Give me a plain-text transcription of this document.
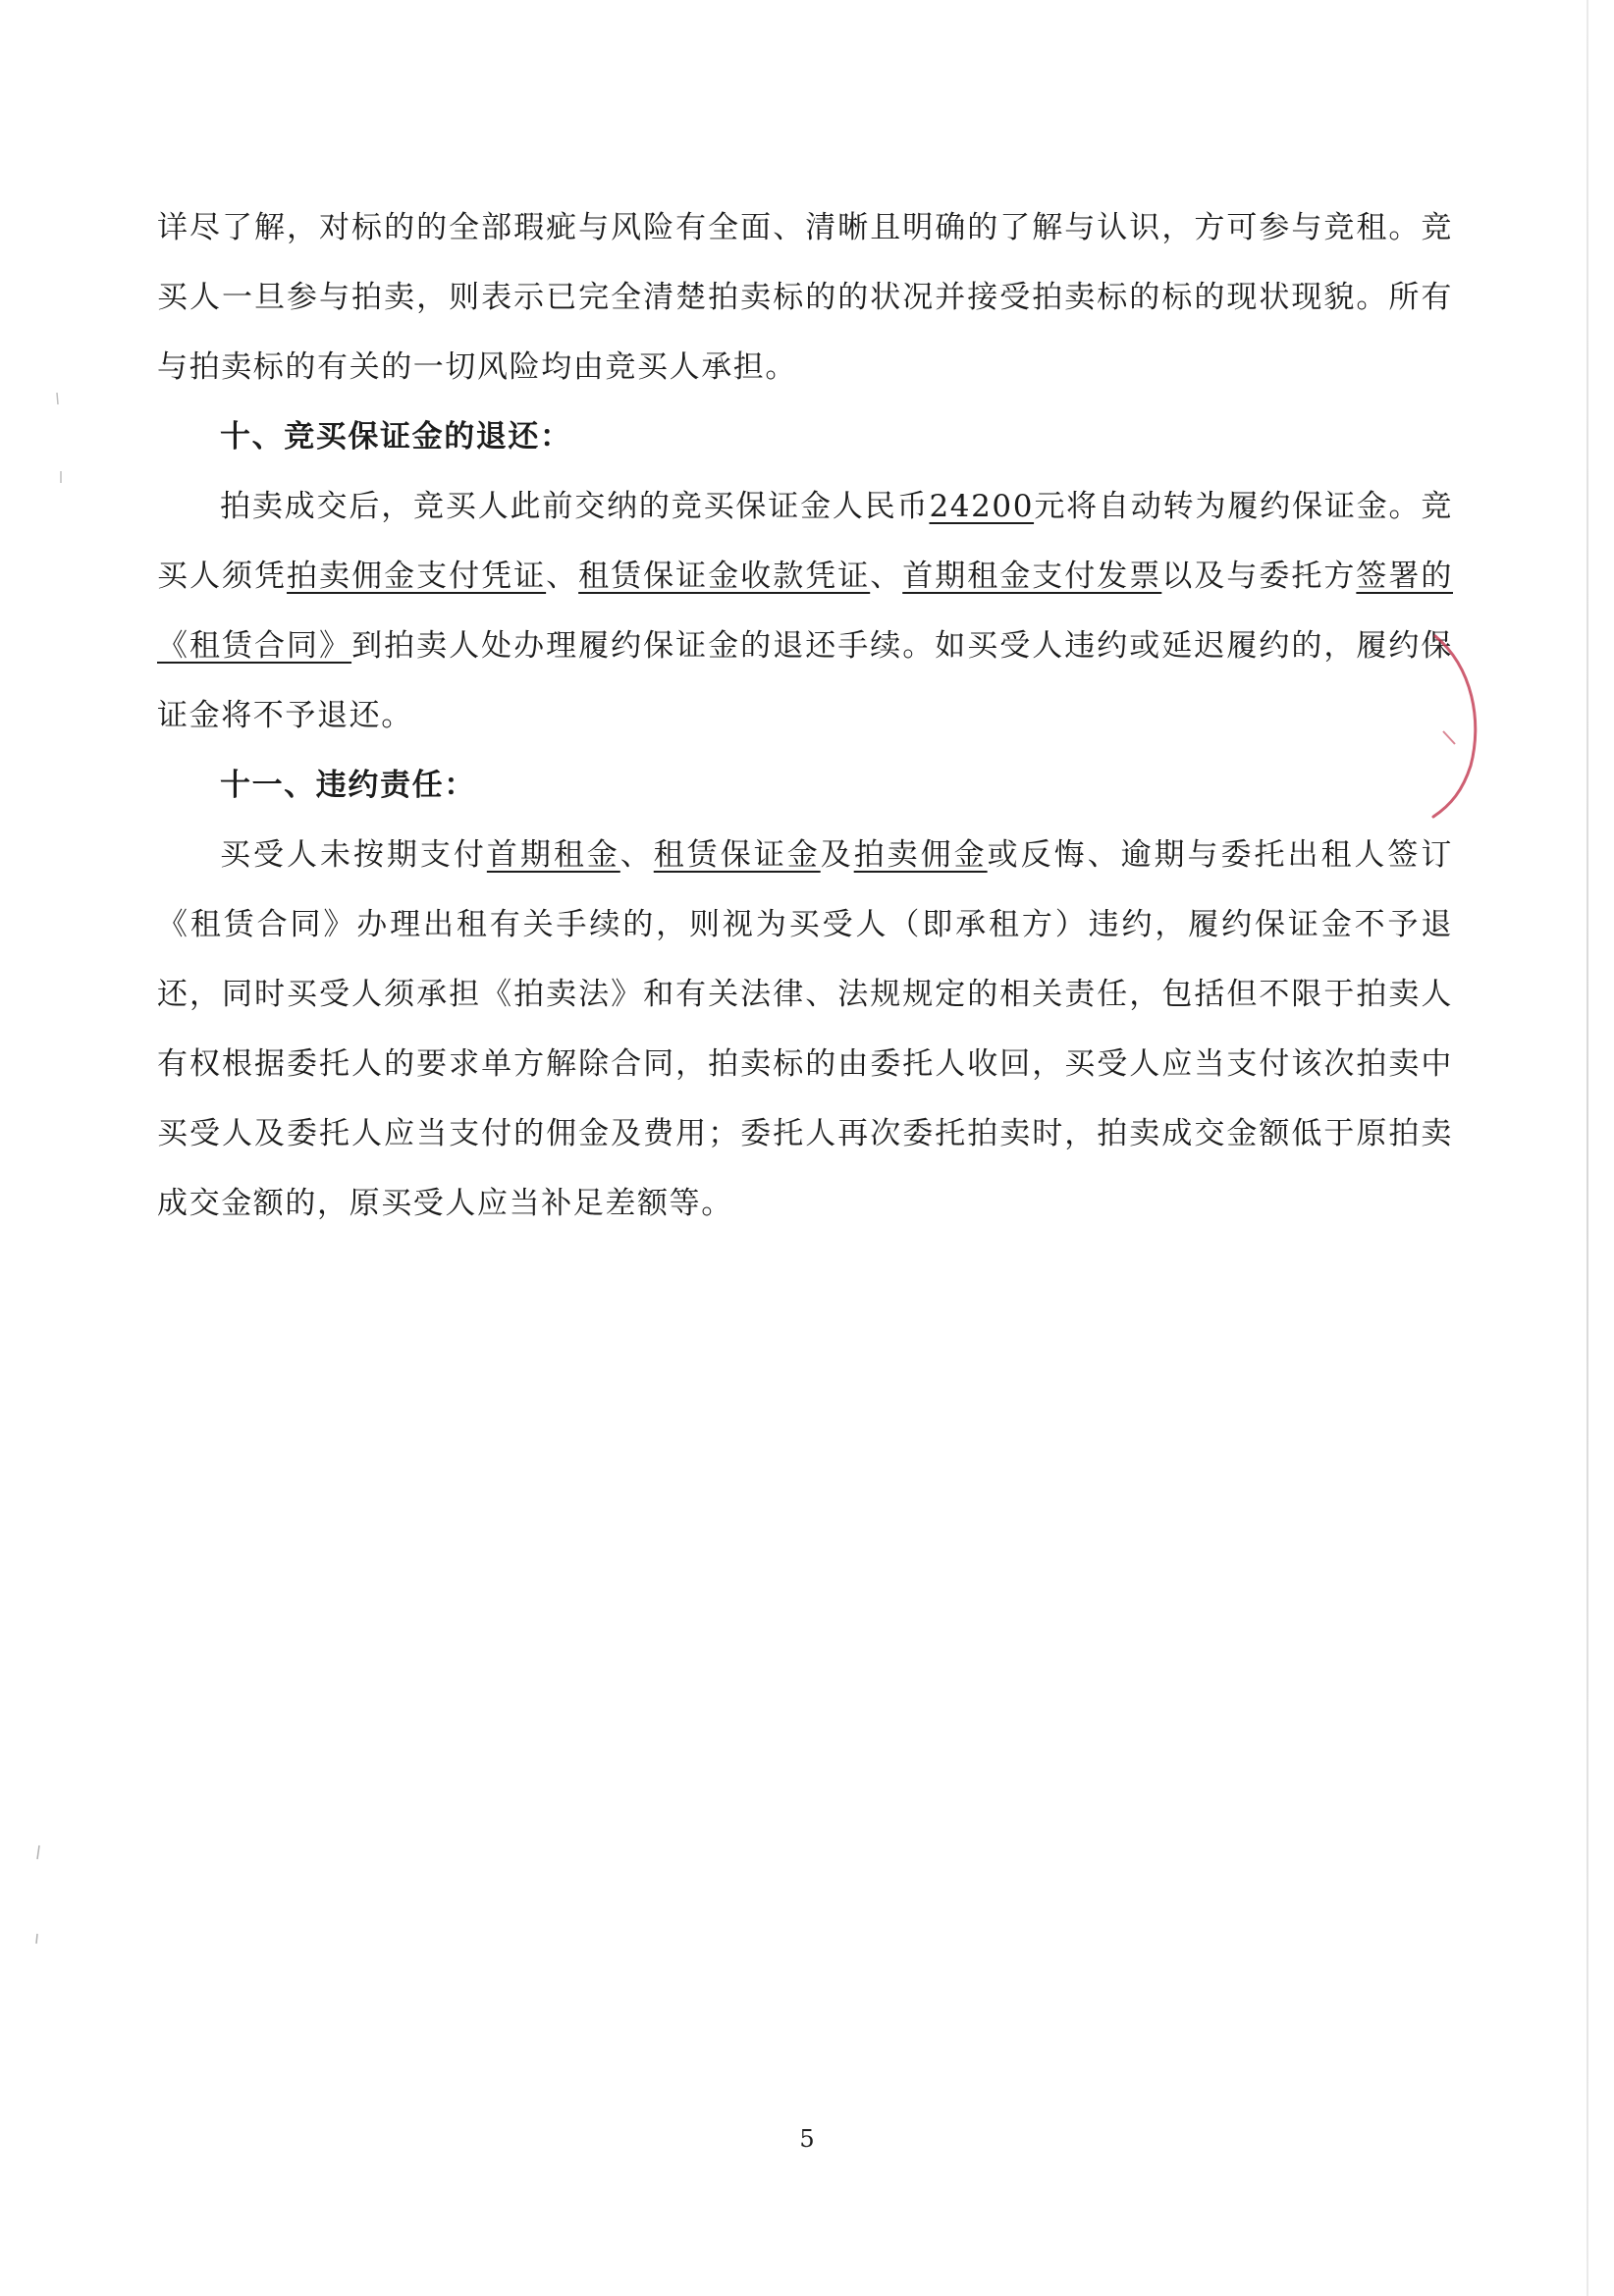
详尽了解，对标的的全部瑕疵与风险有全面、清晰且明确的了解与认识，方可参与竞租。竞买人一旦参与拍卖，则表示已完全清楚拍卖标的的状况并接受拍卖标的标的现状现貌。所有与拍卖标的有关的一切风险均由竞买人承担。
十、竞买保证金的退还：
拍卖成交后，竞买人此前交纳的竞买保证金人民币24200元将自动转为履约保证金。竞买人须凭拍卖佣金支付凭证、租赁保证金收款凭证、首期租金支付发票以及与委托方签署的《租赁合同》到拍卖人处办理履约保证金的退还手续。如买受人违约或延迟履约的，履约保证金将不予退还。
十一、违约责任：
买受人未按期支付首期租金、租赁保证金及拍卖佣金或反悔、逾期与委托出租人签订《租赁合同》办理出租有关手续的，则视为买受人（即承租方）违约，履约保证金不予退还，同时买受人须承担《拍卖法》和有关法律、法规规定的相关责任，包括但不限于拍卖人有权根据委托人的要求单方解除合同，拍卖标的由委托人收回，买受人应当支付该次拍卖中买受人及委托人应当支付的佣金及费用；委托人再次委托拍卖时，拍卖成交金额低于原拍卖成交金额的，原买受人应当补足差额等。
5
